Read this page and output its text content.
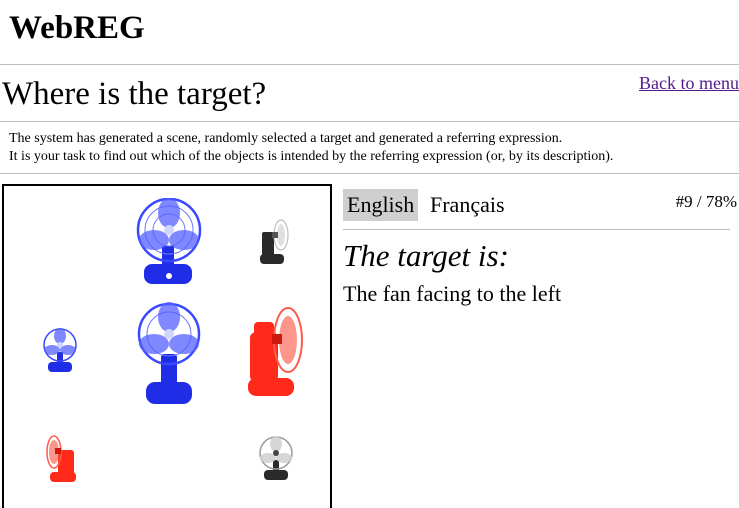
WebREG
Where is the target?	Back to menu

The system has generated a scene, randomly selected a target and generated a referring expression.

It is your task to find out which of the objects is intended by the referring expression (or, by its description).

English Français	#9 / 78%
The target is:
The fan facing to the left
